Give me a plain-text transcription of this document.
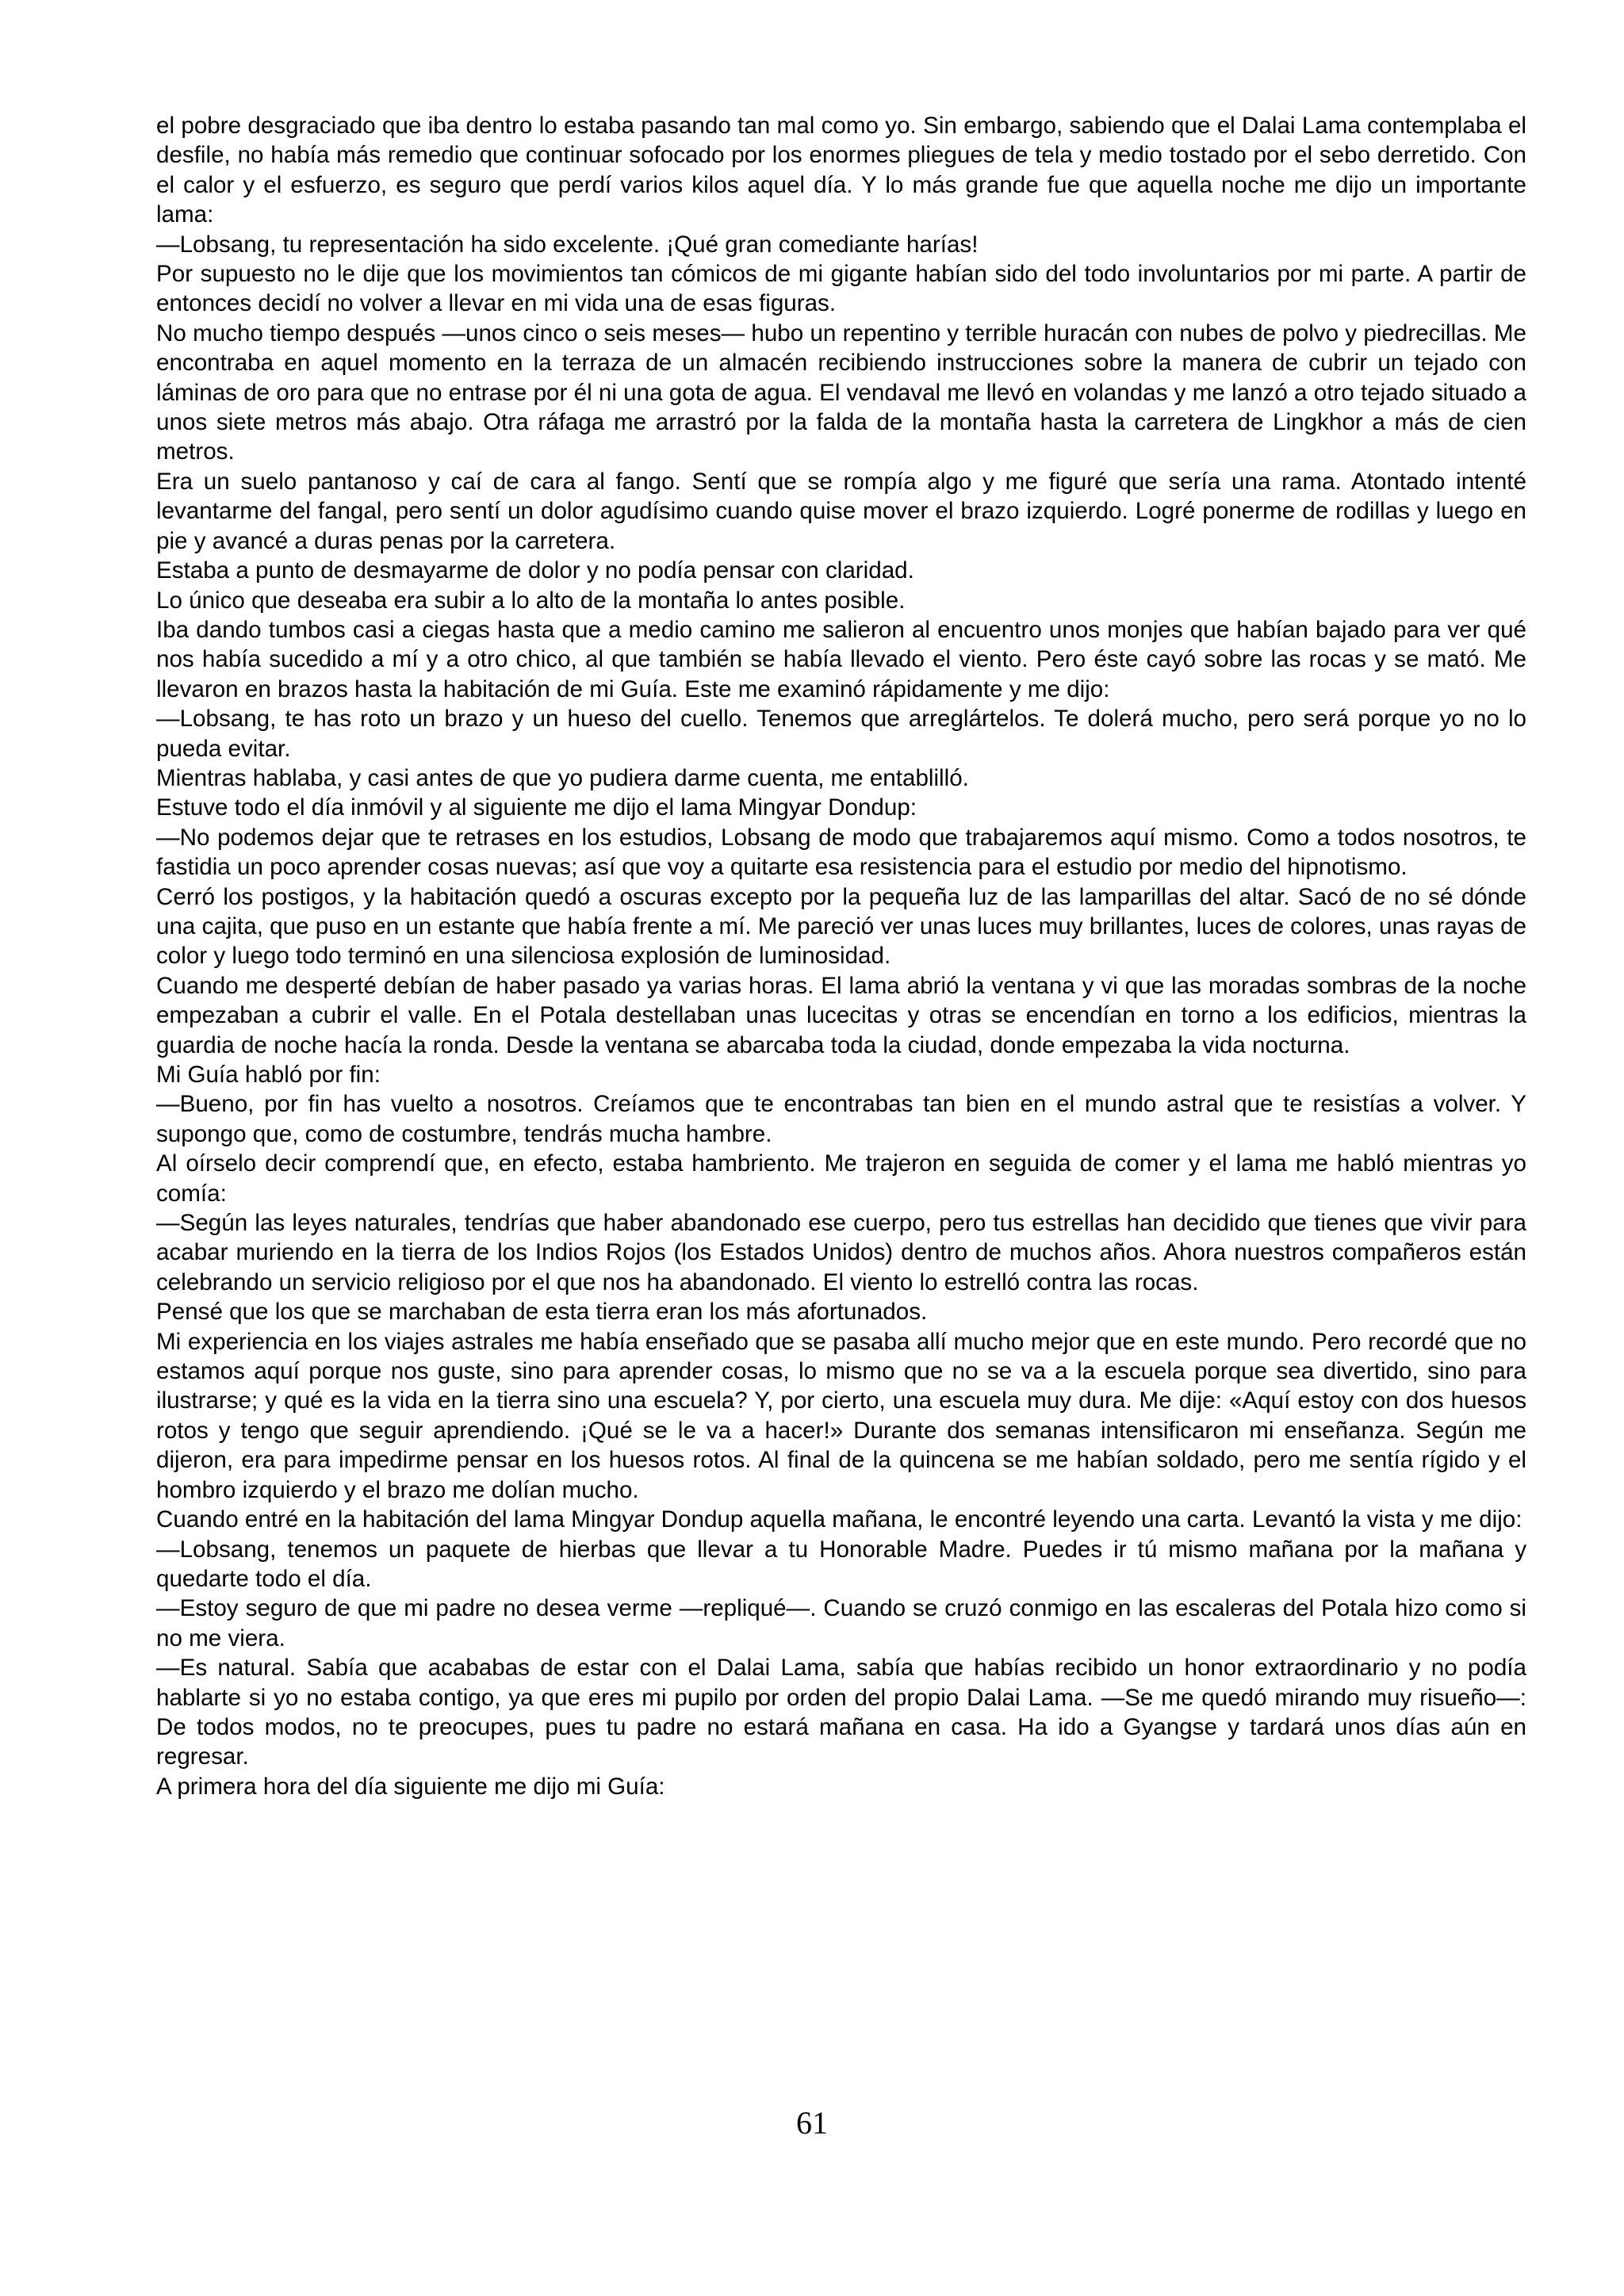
el pobre desgraciado que iba dentro lo estaba pasando tan mal como yo. Sin embargo, sabiendo que el Dalai Lama contemplaba el desfile, no había más remedio que continuar sofocado por los enormes pliegues de tela y medio tostado por el sebo derretido. Con el calor y el esfuerzo, es seguro que perdí varios kilos aquel día. Y lo más grande fue que aquella noche me dijo un importante lama:

—Lobsang, tu representación ha sido excelente. ¡Qué gran comediante harías!

Por supuesto no le dije que los movimientos tan cómicos de mi gigante habían sido del todo involuntarios por mi parte. A partir de entonces decidí no volver a llevar en mi vida una de esas figuras.

No mucho tiempo después —unos cinco o seis meses— hubo un repentino y terrible huracán con nubes de polvo y piedrecillas. Me encontraba en aquel momento en la terraza de un almacén recibiendo instrucciones sobre la manera de cubrir un tejado con láminas de oro para que no entrase por él ni una gota de agua. El vendaval me llevó en volandas y me lanzó a otro tejado situado a unos siete metros más abajo. Otra ráfaga me arrastró por la falda de la montaña hasta la carretera de Lingkhor a más de cien metros.

Era un suelo pantanoso y caí de cara al fango. Sentí que se rompía algo y me figuré que sería una rama. Atontado intenté levantarme del fangal, pero sentí un dolor agudísimo cuando quise mover el brazo izquierdo. Logré ponerme de rodillas y luego en pie y avancé a duras penas por la carretera.

Estaba a punto de desmayarme de dolor y no podía pensar con claridad.

Lo único que deseaba era subir a lo alto de la montaña lo antes posible.

Iba dando tumbos casi a ciegas hasta que a medio camino me salieron al encuentro unos monjes que habían bajado para ver qué nos había sucedido a mí y a otro chico, al que también se había llevado el viento. Pero éste cayó sobre las rocas y se mató. Me llevaron en brazos hasta la habitación de mi Guía. Este me examinó rápidamente y me dijo:

—Lobsang, te has roto un brazo y un hueso del cuello. Tenemos que arreglártelos. Te dolerá mucho, pero será porque yo no lo pueda evitar.

Mientras hablaba, y casi antes de que yo pudiera darme cuenta, me entablilló.

Estuve todo el día inmóvil y al siguiente me dijo el lama Mingyar Dondup:

—No podemos dejar que te retrases en los estudios, Lobsang de modo que trabajaremos aquí mismo. Como a todos nosotros, te fastidia un poco aprender cosas nuevas; así que voy a quitarte esa resistencia para el estudio por medio del hipnotismo.

Cerró los postigos, y la habitación quedó a oscuras excepto por la pequeña luz de las lamparillas del altar. Sacó de no sé dónde una cajita, que puso en un estante que había frente a mí. Me pareció ver unas luces muy brillantes, luces de colores, unas rayas de color y luego todo terminó en una silenciosa explosión de luminosidad.

Cuando me desperté debían de haber pasado ya varias horas. El lama abrió la ventana y vi que las moradas sombras de la noche empezaban a cubrir el valle. En el Potala destellaban unas lucecitas y otras se encendían en torno a los edificios, mientras la guardia de noche hacía la ronda. Desde la ventana se abarcaba toda la ciudad, donde empezaba la vida nocturna.

Mi Guía habló por fin:

—Bueno, por fin has vuelto a nosotros. Creíamos que te encontrabas tan bien en el mundo astral que te resistías a volver. Y supongo que, como de costumbre, tendrás mucha hambre.

Al oírselo decir comprendí que, en efecto, estaba hambriento. Me trajeron en seguida de comer y el lama me habló mientras yo comía:

—Según las leyes naturales, tendrías que haber abandonado ese cuerpo, pero tus estrellas han decidido que tienes que vivir para acabar muriendo en la tierra de los Indios Rojos (los Estados Unidos) dentro de muchos años. Ahora nuestros compañeros están celebrando un servicio religioso por el que nos ha abandonado. El viento lo estrelló contra las rocas.

Pensé que los que se marchaban de esta tierra eran los más afortunados.

Mi experiencia en los viajes astrales me había enseñado que se pasaba allí mucho mejor que en este mundo. Pero recordé que no estamos aquí porque nos guste, sino para aprender cosas, lo mismo que no se va a la escuela porque sea divertido, sino para ilustrarse; y qué es la vida en la tierra sino una escuela? Y, por cierto, una escuela muy dura. Me dije: «Aquí estoy con dos huesos rotos y tengo que seguir aprendiendo. ¡Qué se le va a hacer!» Durante dos semanas intensificaron mi enseñanza. Según me dijeron, era para impedirme pensar en los huesos rotos. Al final de la quincena se me habían soldado, pero me sentía rígido y el hombro izquierdo y el brazo me dolían mucho.

Cuando entré en la habitación del lama Mingyar Dondup aquella mañana, le encontré leyendo una carta. Levantó la vista y me dijo:

—Lobsang, tenemos un paquete de hierbas que llevar a tu Honorable Madre. Puedes ir tú mismo mañana por la mañana y quedarte todo el día.

—Estoy seguro de que mi padre no desea verme —repliqué—. Cuando se cruzó conmigo en las escaleras del Potala hizo como si no me viera.

—Es natural. Sabía que acababas de estar con el Dalai Lama, sabía que habías recibido un honor extraordinario y no podía hablarte si yo no estaba contigo, ya que eres mi pupilo por orden del propio Dalai Lama. —Se me quedó mirando muy risueño—: De todos modos, no te preocupes, pues tu padre no estará mañana en casa. Ha ido a Gyangse y tardará unos días aún en regresar.

A primera hora del día siguiente me dijo mi Guía:

61
